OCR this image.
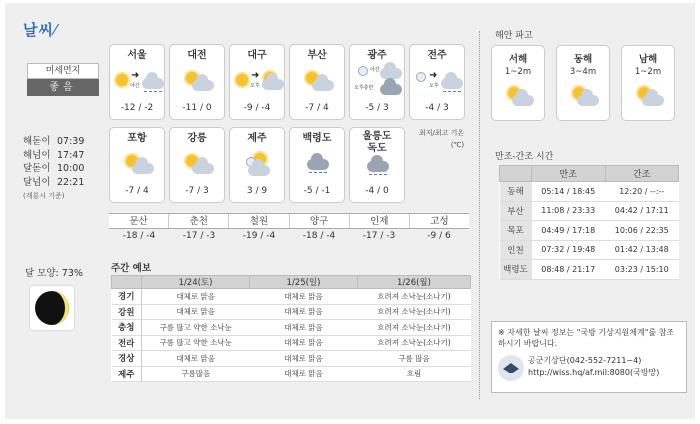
날씨⁄
미세먼지
좋음
해돋이 07:39
해넘이 17:47
달돋이 10:00
달넘이 22:21
(계룡시 기준)
달 모양: 73%
서울
➜
야간
-12 / -2
대전
-11 / 0
대구
➜
오후
-9 / -4
부산
-7 / 4
광주
야간
오후충반
-5 / 3
전주
➜
오후
-4 / 3
포항
-7 / 4
강릉
-7 / 3
제주
3 / 9
백령도
-5 / -1
울릉도
독도
-4 / 0
최저/최고 기온
(℃)
문산	춘천	철원	양구	인제	고성
-18 / -4	-17 / -3	-19 / -4	-18 / -4	-17 / -3	-9 / 6
주간 예보
	1/24(토)	1/25(일)	1/26(월)
경기	대체로 맑음	대체로 맑음	흐려져 소낙눈(소나기)
강원	대체로 맑음	대체로 맑음	흐려져 소낙눈(소나기)
충청	구름 많고 약한 소낙눈	대체로 맑음	흐려져 소낙눈(소나기)
전라	구름 많고 약한 소낙눈	대체로 맑음	흐려져 소낙눈(소나기)
경상	대체로 맑음	대체로 맑음	구름 많음
제주	구름많음	대체로 맑음	흐림
해안 파고
서해
1~2m
동해
3~4m
남해
1~2m
만조-간조 시간
	만조	간조
동해	05:14 / 18:45	12:20 / --:--
부산	11:08 / 23:33	04:42 / 17:11
목포	04:49 / 17:18	10:06 / 22:35
인천	07:32 / 19:48	01:42 / 13:48
백령도	08:48 / 21:17	03:23 / 15:10
※ 자세한 날씨 정보는 "국방 기상지원체계"를 참조하시기 바랍니다.
공군기상단(042-552-7211~4)
http://wiss.hq/af.mil:8080(국방망)
